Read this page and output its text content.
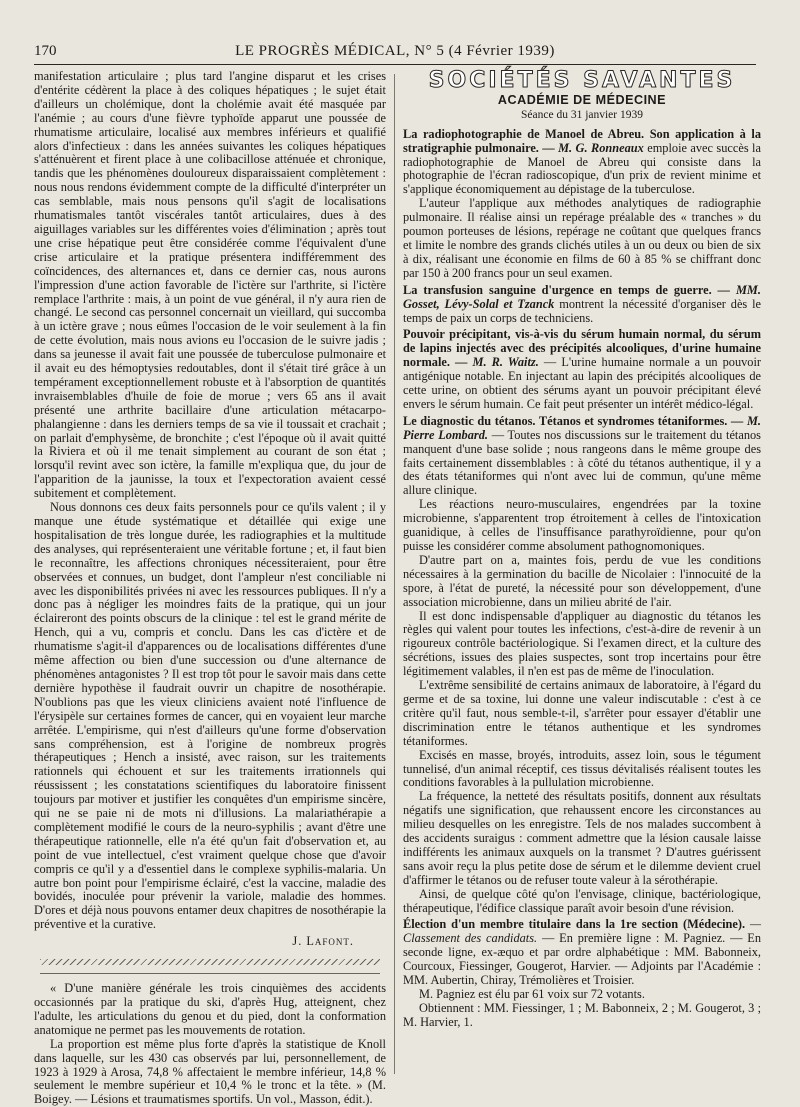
170	LE PROGRÈS MÉDICAL, N° 5 (4 Février 1939)

manifestation articulaire ; plus tard l'angine disparut et les crises d'entérite cédèrent la place à des coliques hépatiques ; le sujet était d'ailleurs un cholémique, dont la cholémie avait été masquée par l'anémie ; au cours d'une fièvre typhoïde apparut une poussée de rhumatisme articulaire, localisé aux membres inférieurs et qualifié alors d'infectieux : dans les années suivantes les coliques hépatiques s'atténuèrent et firent place à une colibacillose atténuée et chronique, tandis que les phénomènes douloureux disparaissaient complètement : nous nous rendons évidemment compte de la difficulté d'interpréter un cas semblable, mais nous pensons qu'il s'agit de localisations rhumatismales tantôt viscérales tantôt articulaires, dues à des aiguillages variables sur les différentes voies d'élimination ; après tout une crise hépatique peut être considérée comme l'équivalent d'une crise articulaire et la pratique présentera indifféremment des coïncidences, des alternances et, dans ce dernier cas, nous aurons l'impression d'une action favorable de l'ictère sur l'arthrite, si l'ictère remplace l'arthrite : mais, à un point de vue général, il n'y aura rien de changé. Le second cas personnel concernait un vieillard, qui succomba à un ictère grave ; nous eûmes l'occasion de le voir seulement à la fin de cette évolution, mais nous avions eu l'occasion de le suivre jadis ; dans sa jeunesse il avait fait une poussée de tuberculose pulmonaire et il avait eu des hémoptysies redoutables, dont il s'était tiré grâce à un tempérament exceptionnellement robuste et à l'absorption de quantités invraisemblables d'huile de foie de morue ; vers 65 ans il avait présenté une arthrite bacillaire d'une articulation métacarpo-phalangienne : dans les derniers temps de sa vie il toussait et crachait ; on parlait d'emphysème, de bronchite ; c'est l'époque où il avait quitté la Riviera et où il me tenait simplement au courant de son état ; lorsqu'il revint avec son ictère, la famille m'expliqua que, du jour de l'apparition de la jaunisse, la toux et l'expectoration avaient cessé subitement et complètement.

Nous donnons ces deux faits personnels pour ce qu'ils valent ; il y manque une étude systématique et détaillée qui exige une hospitalisation de très longue durée, les radiographies et la multitude des analyses, qui représenteraient une véritable fortune ; et, il faut bien le reconnaître, les affections chroniques nécessiteraient, pour être observées et connues, un budget, dont l'ampleur n'est conciliable ni avec les disponibilités privées ni avec les ressources publiques. Il n'y a donc pas à négliger les moindres faits de la pratique, qui un jour éclaireront des points obscurs de la clinique : tel est le grand mérite de Hench, qui a vu, compris et conclu. Dans les cas d'ictère et de rhumatisme s'agit-il d'apparences ou de localisations différentes d'une même affection ou bien d'une succession ou d'une alternance de phénomènes antagonistes ? Il est trop tôt pour le savoir mais dans cette dernière hypothèse il faudrait ouvrir un chapitre de nosothérapie. N'oublions pas que les vieux cliniciens avaient noté l'influence de l'érysipèle sur certaines formes de cancer, qui en voyaient leur marche arrêtée. L'empirisme, qui n'est d'ailleurs qu'une forme d'observation sans compréhension, est à l'origine de nombreux progrès thérapeutiques ; Hench a insisté, avec raison, sur les traitements rationnels qui échouent et sur les traitements irrationnels qui réussissent ; les constatations scientifiques du laboratoire finissent toujours par motiver et justifier les conquêtes d'un empirisme sincère, qui ne se paie ni de mots ni d'illusions. La malariathérapie a complètement modifié le cours de la neuro-syphilis ; avant d'être une thérapeutique rationnelle, elle n'a été qu'un fait d'observation et, au point de vue intellectuel, c'est vraiment quelque chose que d'avoir compris ce qu'il y a d'essentiel dans le complexe syphilis-malaria. Un autre bon point pour l'empirisme éclairé, c'est la vaccine, maladie des bovidés, inoculée pour prévenir la variole, maladie des hommes. D'ores et déjà nous pouvons entamer deux chapitres de nosothérapie la préventive et la curative.

J. Lafont.

« D'une manière générale les trois cinquièmes des accidents occasionnés par la pratique du ski, d'après Hug, atteignent, chez l'adulte, les articulations du genou et du pied, dont la conformation anatomique ne permet pas les mouvements de rotation.

La proportion est même plus forte d'après la statistique de Knoll dans laquelle, sur les 430 cas observés par lui, personnellement, de 1923 à 1929 à Arosa, 74,8 % affectaient le membre inférieur, 14,8 % seulement le membre supérieur et 10,4 % le tronc et la tête. » (M. Boigey. — Lésions et traumatismes sportifs. Un vol., Masson, édit.).

SOCIÉTÉS SAVANTES
ACADÉMIE DE MÉDECINE
Séance du 31 janvier 1939

La radiophotographie de Manoel de Abreu. Son application à la stratigraphie pulmonaire. — M. G. Ronneaux emploie avec succès la radiophotographie de Manoel de Abreu qui consiste dans la photographie de l'écran radioscopique, d'un prix de revient minime et s'applique économiquement au dépistage de la tuberculose.

L'auteur l'applique aux méthodes analytiques de radiographie pulmonaire. Il réalise ainsi un repérage préalable des « tranches » du poumon porteuses de lésions, repérage ne coûtant que quelques francs et limite le nombre des grands clichés utiles à un ou deux ou bien de six à dix, réalisant une économie en films de 60 à 85 % se chiffrant donc par 150 à 200 francs pour un seul examen.

La transfusion sanguine d'urgence en temps de guerre. — MM. Gosset, Lévy-Solal et Tzanck montrent la nécessité d'organiser dès le temps de paix un corps de techniciens.

Pouvoir précipitant, vis-à-vis du sérum humain normal, du sérum de lapins injectés avec des précipités alcooliques, d'urine humaine normale. — M. R. Waitz. — L'urine humaine normale a un pouvoir antigénique notable. En injectant au lapin des précipités alcooliques de cette urine, on obtient des sérums ayant un pouvoir précipitant élevé envers le sérum humain. Ce fait peut présenter un intérêt médico-légal.

Le diagnostic du tétanos. Tétanos et syndromes tétaniformes. — M. Pierre Lombard. — Toutes nos discussions sur le traitement du tétanos manquent d'une base solide ; nous rangeons dans le même groupe des faits certainement dissemblables : à côté du tétanos authentique, il y a des états tétaniformes qui n'ont avec lui de commun, qu'une même allure clinique.

Les réactions neuro-musculaires, engendrées par la toxine microbienne, s'apparentent trop étroitement à celles de l'intoxication guanidique, à celles de l'insuffisance parathyroïdienne, pour qu'on puisse les considérer comme absolument pathognomoniques.

D'autre part on a, maintes fois, perdu de vue les conditions nécessaires à la germination du bacille de Nicolaier : l'innocuité de la spore, à l'état de pureté, la nécessité pour son développement, d'une association microbienne, dans un milieu abrité de l'air.

Il est donc indispensable d'appliquer au diagnostic du tétanos les règles qui valent pour toutes les infections, c'est-à-dire de revenir à un rigoureux contrôle bactériologique. Si l'examen direct, et la culture des sécrétions, issues des plaies suspectes, sont trop incertains pour être légitimement valables, il n'en est pas de même de l'inoculation.

L'extrême sensibilité de certains animaux de laboratoire, à l'égard du germe et de sa toxine, lui donne une valeur indiscutable : c'est à ce critère qu'il faut, nous semble-t-il, s'arrêter pour essayer d'établir une discrimination entre le tétanos authentique et les syndromes tétaniformes.

Excisés en masse, broyés, introduits, assez loin, sous le tégument tunnelisé, d'un animal réceptif, ces tissus dévitalisés réalisent toutes les conditions favorables à la pullulation microbienne.

La fréquence, la netteté des résultats positifs, donnent aux résultats négatifs une signification, que rehaussent encore les circonstances au milieu desquelles on les enregistre. Tels de nos malades succombent à des accidents suraigus : comment admettre que la lésion causale laisse indifférents les animaux auxquels on la transmet ? D'autres guérissent sans avoir reçu la plus petite dose de sérum et le dilemme devient cruel d'affirmer le tétanos ou de refuser toute valeur à la sérothérapie.

Ainsi, de quelque côté qu'on l'envisage, clinique, bactériologique, thérapeutique, l'édifice classique paraît avoir besoin d'une révision.

Élection d'un membre titulaire dans la 1re section (Médecine). — Classement des candidats. — En première ligne : M. Pagniez. — En seconde ligne, ex-æquo et par ordre alphabétique : MM. Babonneix, Courcoux, Fiessinger, Gougerot, Harvier. — Adjoints par l'Académie : MM. Aubertin, Chiray, Trémolières et Troisier.

M. Pagniez est élu par 61 voix sur 72 votants.

Obtiennent : MM. Fiessinger, 1 ; M. Babonneix, 2 ; M. Gougerot, 3 ; M. Harvier, 1.
